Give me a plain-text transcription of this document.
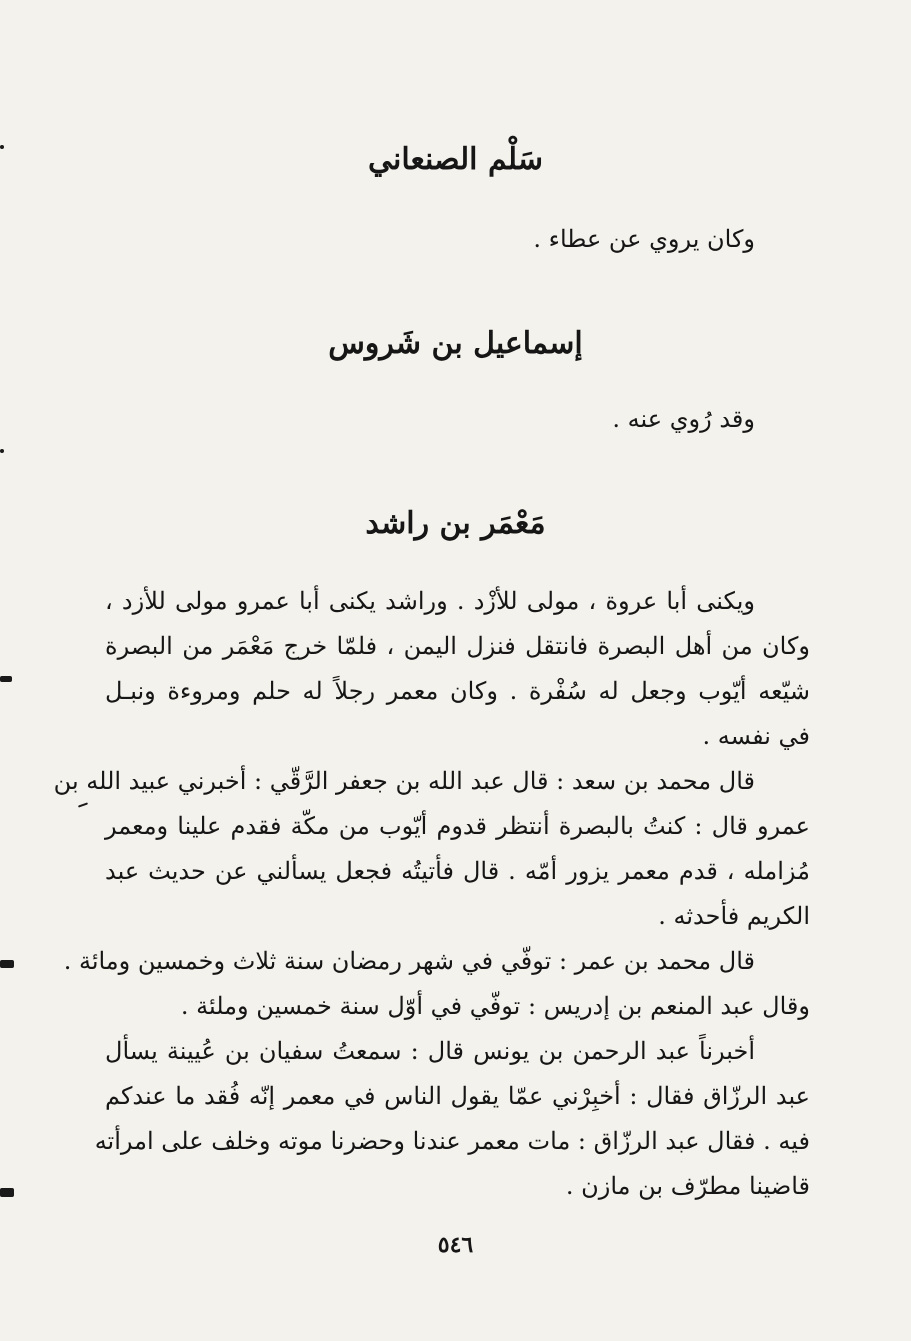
سَلْم الصنعاني
وكان يروي عن عطاء .
إسماعيل بن شَروس
وقد رُوي عنه .
مَعْمَر بن راشد
ويكنى أبا عروة ، مولى للأزْد . وراشد يكنى أبا عمرو مولى للأزد ،
وكان من أهل البصرة فانتقل فنزل اليمن ، فلمّا خرج مَعْمَر من البصرة
شيّعه أيّوب وجعل له سُفْرة . وكان معمر رجلاً له حلم ومروءة ونبـل
في نفسه .
قال محمد بن سعد : قال عبد الله بن جعفر الرَّقّي : أخبرني عبيد الله بن
عمرو قال : كنتُ بالبصرة أنتظر قدوم أيّوب من مكّة فقدم علينا ومعمر
مُزامله ، قدم معمر يزور أمّه . قال فأتيتُه فجعل يسألني عن حديث عبد
الكريم فأحدثه .
قال محمد بن عمر : توفّي في شهر رمضان سنة ثلاث وخمسين ومائة .
وقال عبد المنعم بن إدريس : توفّي في أوّل سنة خمسين وملئة .
أخبرناً عبد الرحمن بن يونس قال : سمعتُ سفيان بن عُيينة يسأل
عبد الرزّاق فقال : أخبِرْني عمّا يقول الناس في معمر إنّه فُقد ما عندكم
فيه . فقال عبد الرزّاق : مات معمر عندنا وحضرنا موته وخلف على امرأته
قاضينا مطرّف بن مازن .
٥٤٦
